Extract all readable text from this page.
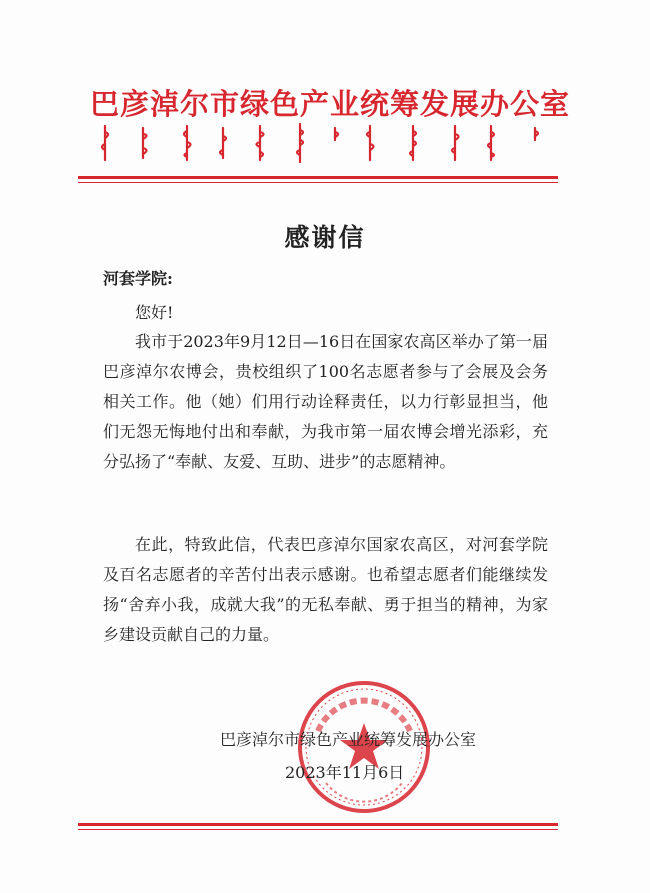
巴彦淖尔市绿色产业统筹发展办公室
感谢信
河套学院:

您好!

我市于2023年9月12日—16日在国家农高区举办了第一届巴彦淖尔农博会，贵校组织了100名志愿者参与了会展及会务相关工作。他（她）们用行动诠释责任，以力行彰显担当，他们无怨无悔地付出和奉献，为我市第一届农博会增光添彩，充分弘扬了“奉献、友爱、互助、进步”的志愿精神。

在此，特致此信，代表巴彦淖尔国家农高区，对河套学院及百名志愿者的辛苦付出表示感谢。也希望志愿者们能继续发扬“舍弃小我，成就大我”的无私奉献、勇于担当的精神，为家乡建设贡献自己的力量。

巴彦淖尔市绿色产业统筹发展办公室
2023年11月6日
